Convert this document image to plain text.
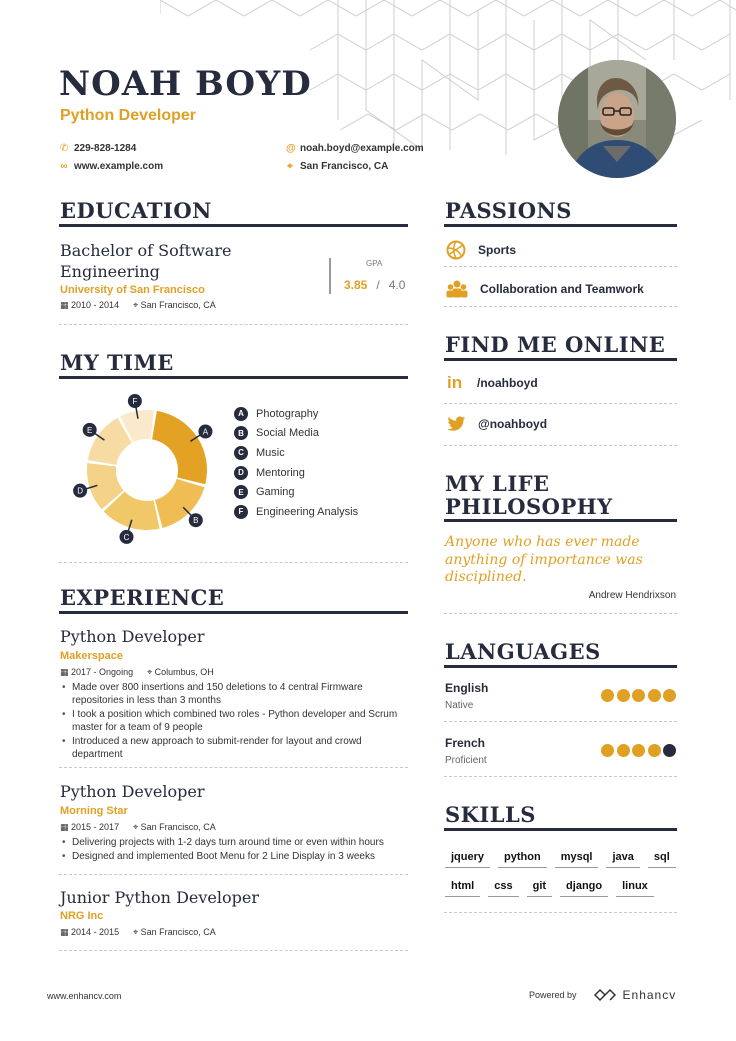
NOAH BOYD
Python Developer
✆ 229-828-1284
∞ www.example.com
@ noah.boyd@example.com
⌖ San Francisco, CA
EDUCATION
Bachelor of Software
Engineering
University of San Francisco
▦ 2010 - 2014 ⌖ San Francisco, CA
GPA
3.85 / 4.0
MY TIME
A
B
C
D
E
F
A	Photography
B	Social Media
C	Music
D	Mentoring
E	Gaming
F	Engineering Analysis
EXPERIENCE
Python Developer
Makerspace
▦ 2017 - Ongoing ⌖ Columbus, OH
• Made over 800 insertions and 150 deletions to 4 central Firmware repositories in less than 3 months
• I took a position which combined two roles - Python developer and Scrum master for a team of 9 people
• Introduced a new approach to submit-render for layout and crowd department
Python Developer
Morning Star
▦ 2015 - 2017 ⌖ San Francisco, CA
• Delivering projects with 1-2 days turn around time or even within hours
• Designed and implemented Boot Menu for 2 Line Display in 3 weeks
Junior Python Developer
NRG Inc
▦ 2014 - 2015 ⌖ San Francisco, CA
PASSIONS
Sports
Collaboration and Teamwork
FIND ME ONLINE
in /noahboyd
@noahboyd
MY LIFE
PHILOSOPHY
Anyone who has ever made
anything of importance was
disciplined.
Andrew Hendrixson
LANGUAGES
English
Native
French
Proficient
SKILLS
jquery	python	mysql	java	sql
html	css	git	django	linux
www.enhancv.com	Powered by	Enhancv
